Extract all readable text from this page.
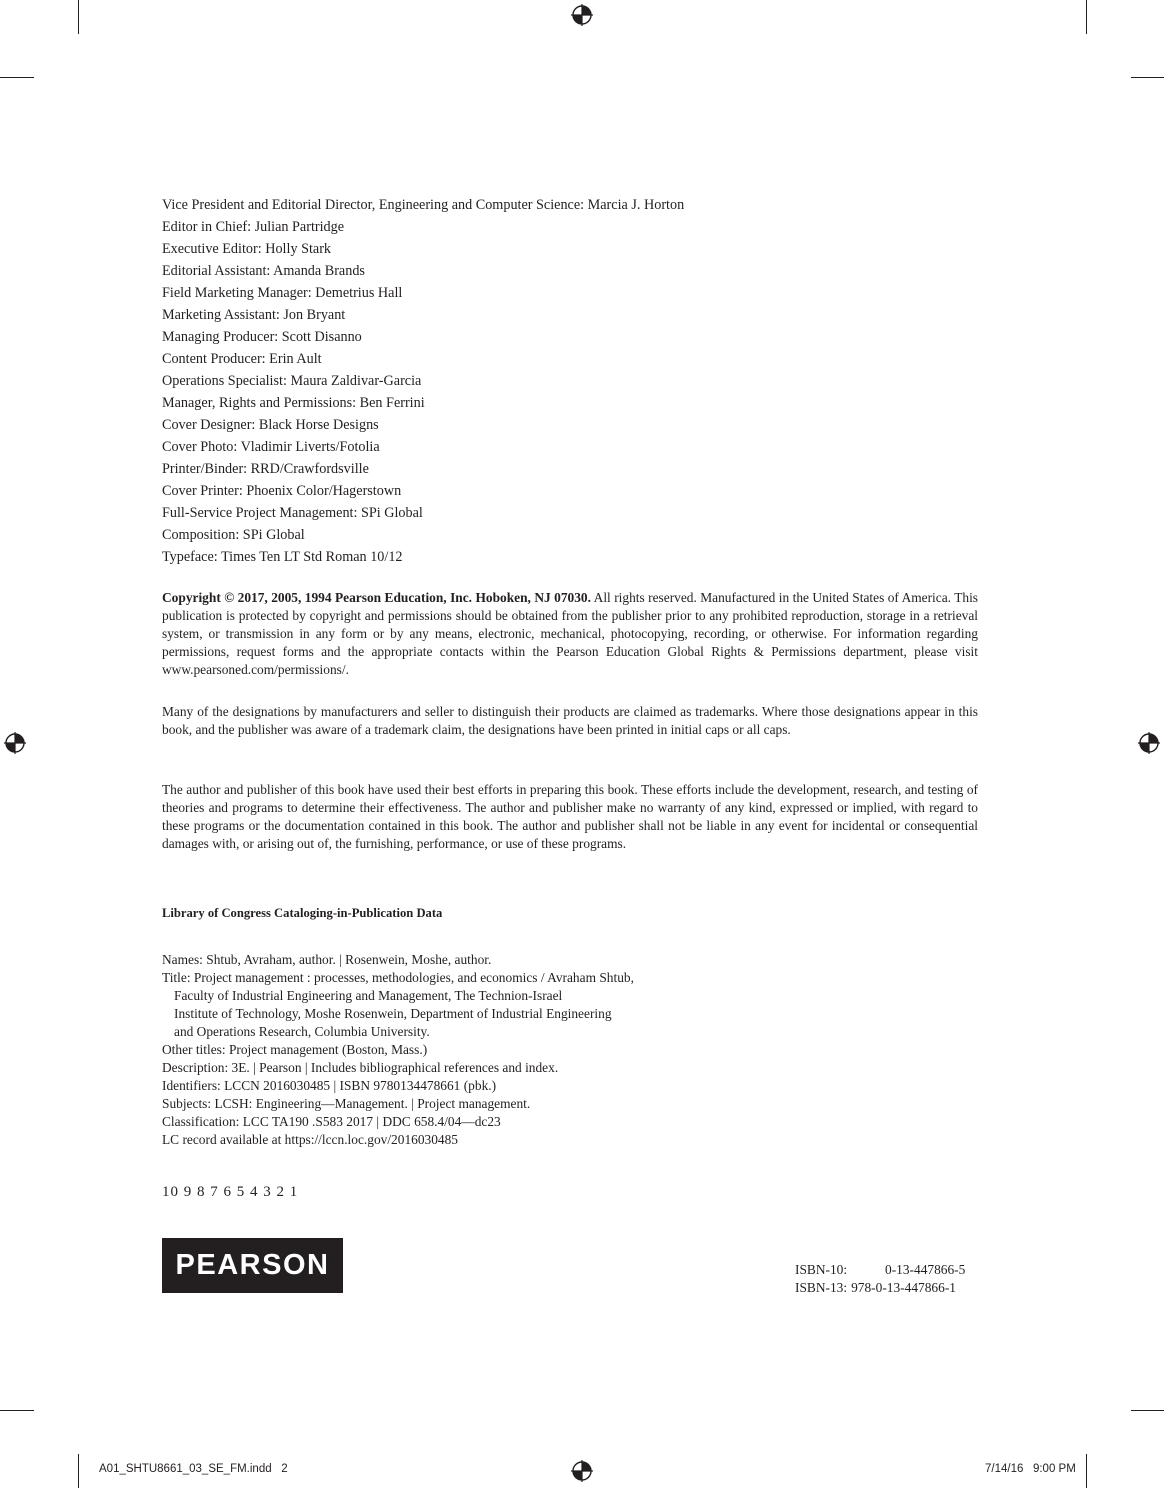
Vice President and Editorial Director, Engineering and Computer Science: Marcia J. Horton
Editor in Chief: Julian Partridge
Executive Editor: Holly Stark
Editorial Assistant: Amanda Brands
Field Marketing Manager: Demetrius Hall
Marketing Assistant: Jon Bryant
Managing Producer: Scott Disanno
Content Producer: Erin Ault
Operations Specialist: Maura Zaldivar-Garcia
Manager, Rights and Permissions: Ben Ferrini
Cover Designer: Black Horse Designs
Cover Photo: Vladimir Liverts/Fotolia
Printer/Binder: RRD/Crawfordsville
Cover Printer: Phoenix Color/Hagerstown
Full-Service Project Management: SPi Global
Composition: SPi Global
Typeface: Times Ten LT Std Roman 10/12

Copyright © 2017, 2005, 1994 Pearson Education, Inc. Hoboken, NJ 07030. All rights reserved. Manufactured in the United States of America. This publication is protected by copyright and permissions should be obtained from the publisher prior to any prohibited reproduction, storage in a retrieval system, or transmission in any form or by any means, electronic, mechanical, photocopying, recording, or otherwise. For information regarding permissions, request forms and the appropriate contacts within the Pearson Education Global Rights & Permissions department, please visit www.pearsoned.com/permissions/.

Many of the designations by manufacturers and seller to distinguish their products are claimed as trademarks. Where those designations appear in this book, and the publisher was aware of a trademark claim, the designations have been printed in initial caps or all caps.

The author and publisher of this book have used their best efforts in preparing this book. These efforts include the development, research, and testing of theories and programs to determine their effectiveness. The author and publisher make no warranty of any kind, expressed or implied, with regard to these programs or the documentation contained in this book. The author and publisher shall not be liable in any event for incidental or consequential damages with, or arising out of, the furnishing, performance, or use of these programs.

Library of Congress Cataloging-in-Publication Data

Names: Shtub, Avraham, author. | Rosenwein, Moshe, author.
Title: Project management : processes, methodologies, and economics / Avraham Shtub,
Faculty of Industrial Engineering and Management, The Technion-Israel
Institute of Technology, Moshe Rosenwein, Department of Industrial Engineering
and Operations Research, Columbia University.
Other titles: Project management (Boston, Mass.)
Description: 3E. | Pearson | Includes bibliographical references and index.
Identifiers: LCCN 2016030485 | ISBN 9780134478661 (pbk.)
Subjects: LCSH: Engineering—Management. | Project management.
Classification: LCC TA190 .S583 2017 | DDC 658.4/04—dc23
LC record available at https://lccn.loc.gov/2016030485
10 9 8 7 6 5 4 3 2 1
PEARSON	ISBN-10:	0-13-447866-5
ISBN-13: 978-0-13-447866-1
A01_SHTU8661_03_SE_FM.indd   2	7/14/16   9:00 PM
